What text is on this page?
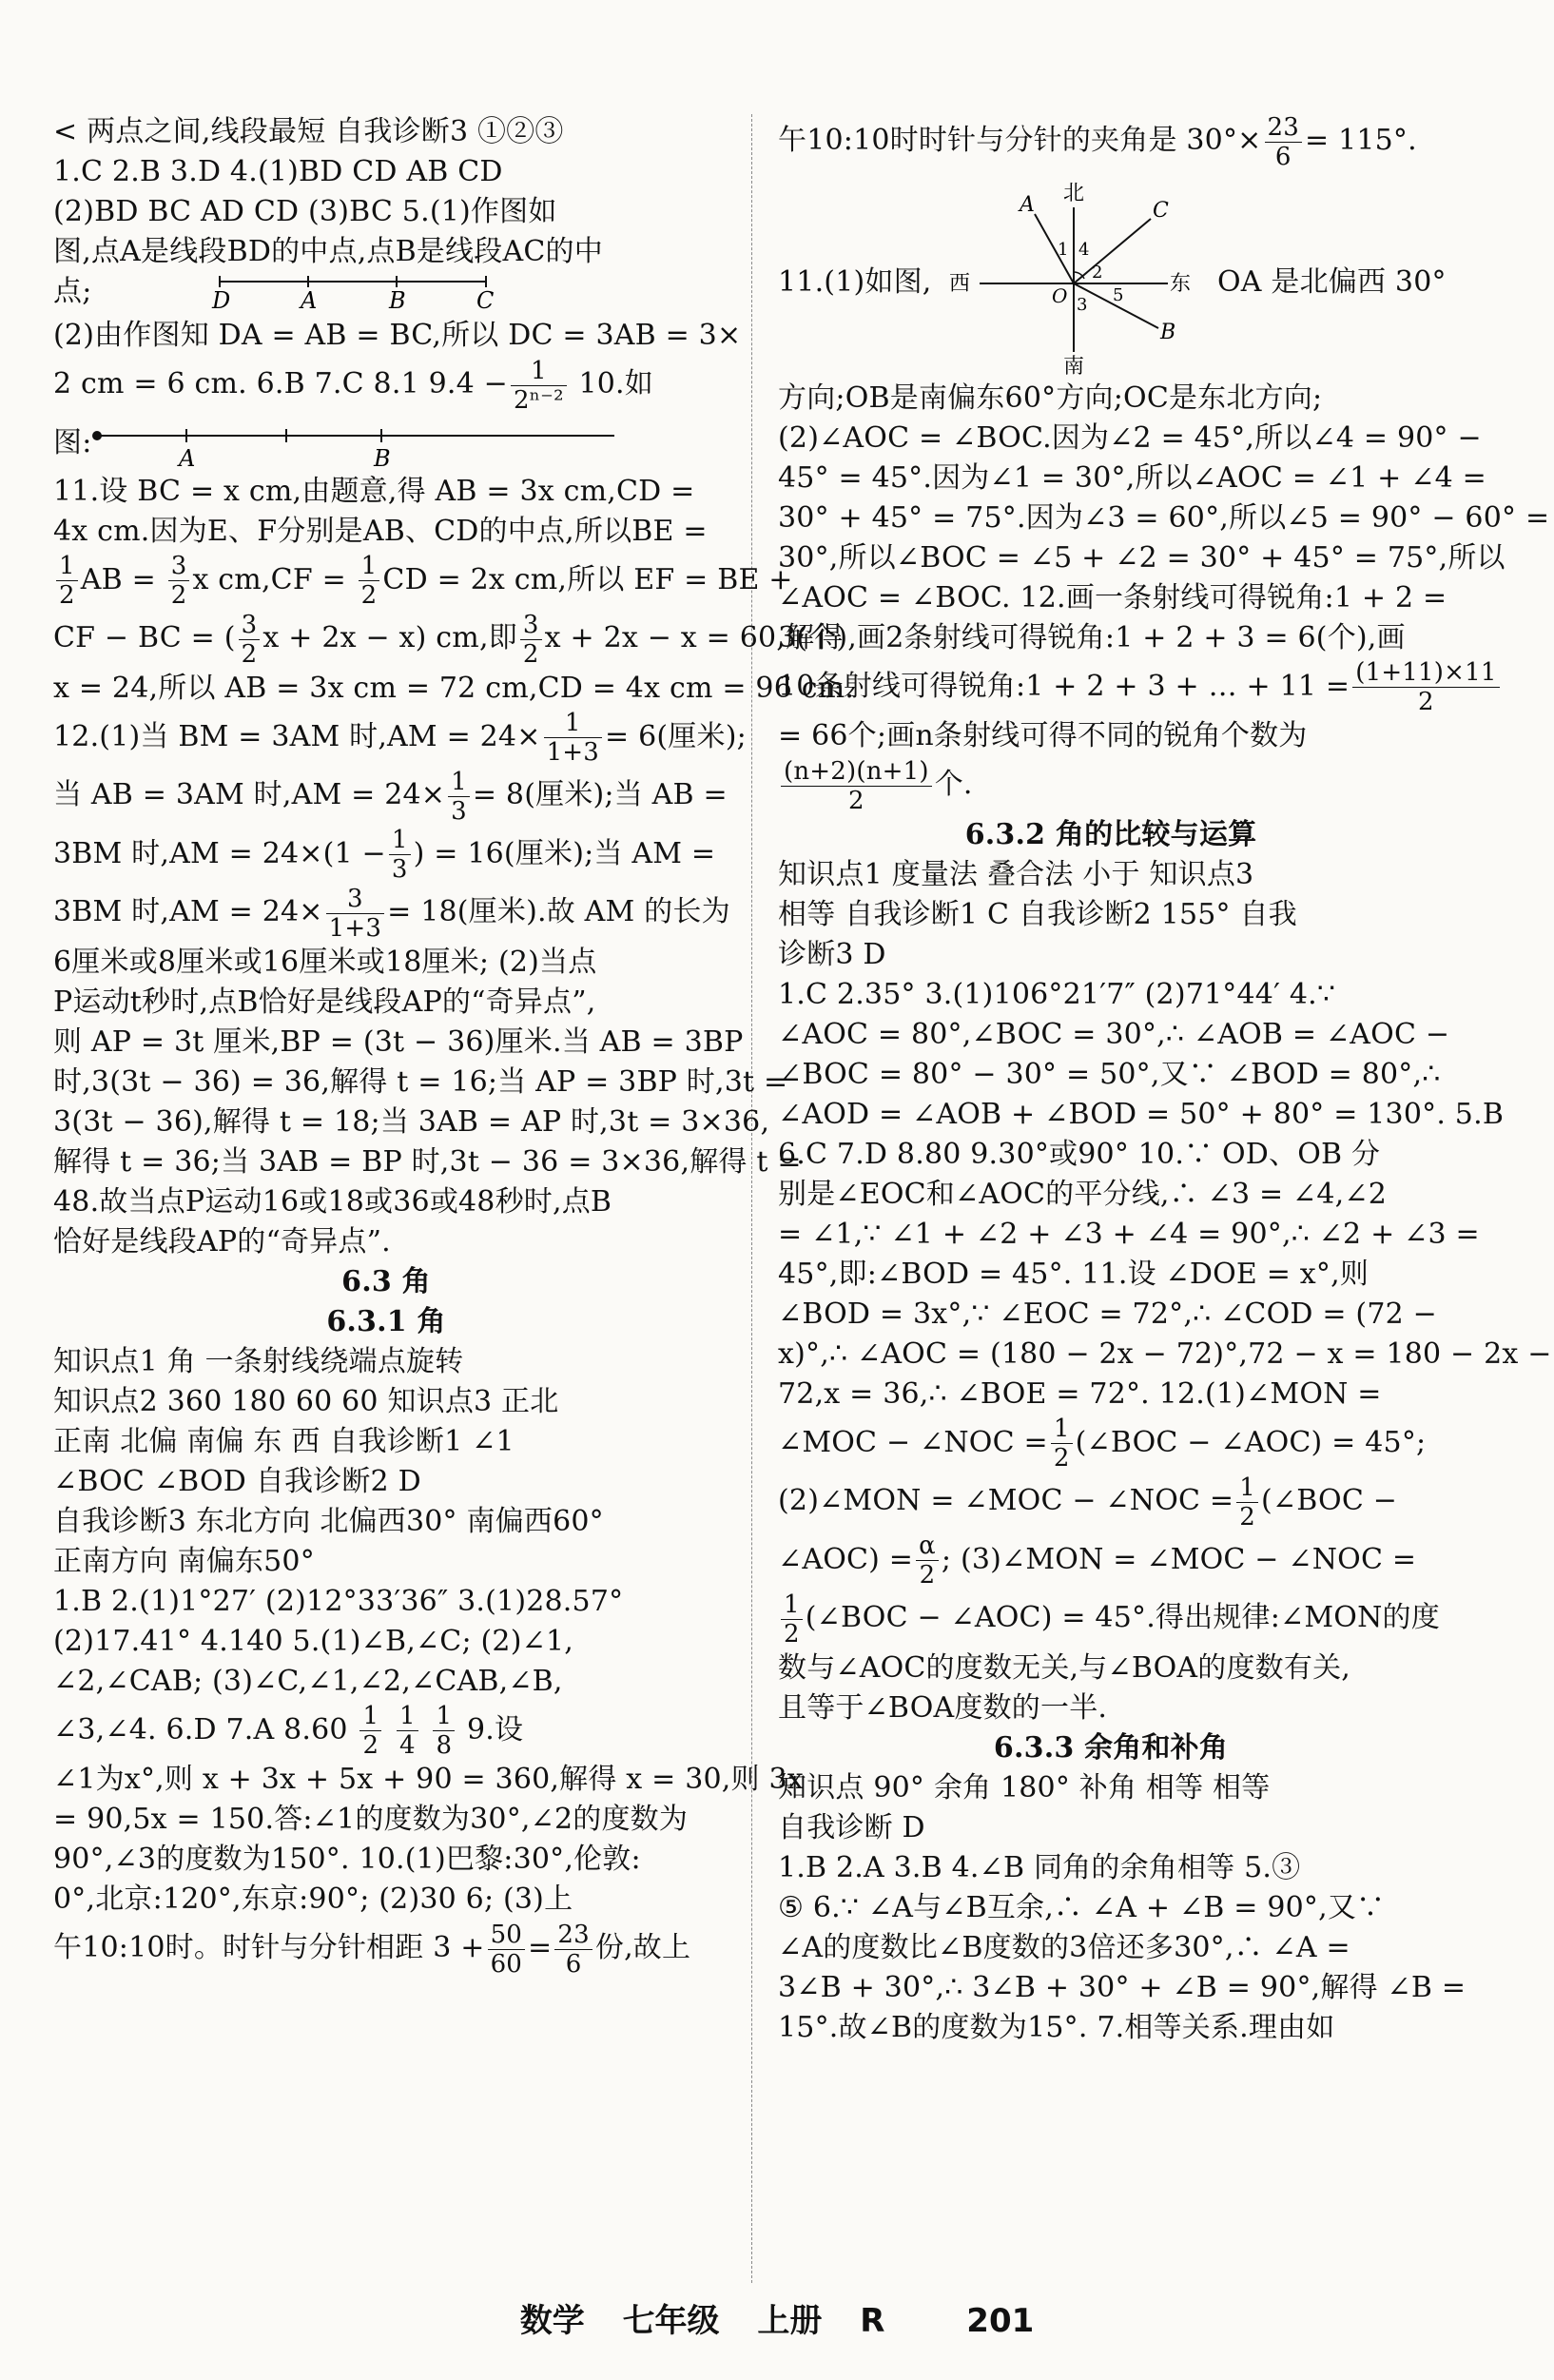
< 两点之间,线段最短 自我诊断3 ①②③
1.C 2.B 3.D 4.(1)BD CD AB CD
(2)BD BC AD CD (3)BC 5.(1)作图如
图,点A是线段BD的中点,点B是线段AC的中
点;	D	A	B	C
(2)由作图知 DA = AB = BC,所以 DC = 3AB = 3×
2 cm = 6 cm. 6.B 7.C 8.1 $9.4 - \frac{1}{\text{2ⁿ⁻²}} 10$.如
图:	A	B
11.设 BC = x cm,由题意,得 AB = 3x cm,CD =
4x cm.因为E、F分别是AB、CD的中点,所以BE =
$\frac{1}{2}$ AB = $\frac{3}{2}$ x $cm,CF = \frac{1}{2}$ CD = 2x cm,所以 EF = BE +
CF − BC = ( $\frac{3}{2}$ x + 2x − x) cm,即 $\frac{3}{2}$ x + 2x − x = 60,解得
x = 24,所以 AB = 3x cm = 72 cm,CD = 4x cm = 96 cm.
12.(1)当 BM = 3AM 时$,AM = 24\times \frac{1}{1+3} = 6$(厘米);
当 AB = 3AM 时$,AM = 24\times \frac{1}{3} = 8$(厘米);当 AB =
3BM 时$,AM = 24\times(1 - \frac{1}{3}$ ) = 16(厘米);当 AM =
3BM 时$,AM = 24\times \frac{3}{1+3} = 18$(厘米).故 AM 的长为
6厘米或8厘米或16厘米或18厘米; (2)当点
P运动t秒时,点B恰好是线段AP的“奇异点”,
则 AP = 3t 厘米,BP = (3t − 36)厘米.当 AB = 3BP
时,3(3t − 36) = 36,解得 t = 16;当 AP = 3BP 时,3t =
3(3t − 36),解得 t = 18;当 3AB = AP 时,3t = 3×36,
解得 t = 36;当 3AB = BP 时,3t − 36 = 3×36,解得 t =
48.故当点P运动16或18或36或48秒时,点B
恰好是线段AP的“奇异点”.
6.3 角
6.3.1 角
知识点1 角 一条射线绕端点旋转
知识点2 360 180 60 60 知识点3 正北
正南 北偏 南偏 东 西 自我诊断1 ∠1
∠BOC ∠BOD 自我诊断2 D
自我诊断3 东北方向 北偏西30° 南偏西60°
正南方向 南偏东50°
1.B 2.(1)1°27′ (2)12°33′36″ 3.(1)28.57°
(2)17.41° 4.140 5.(1)∠B,∠C; (2)∠1,
∠2,∠CAB; (3)∠C,∠1,∠2,∠CAB,∠B,
∠3,∠4. 6.D 7.A $8.60 \frac{1}{2}$
$\frac{1}{4}$
$\frac{1}{8} 9$.设
∠1为x°,则 x + 3x + 5x + 90 = 360,解得 x = 30,则 3x
= 90,5x = 150.答:∠1的度数为30°,∠2的度数为
90°,∠3的度数为150°. 10.(1)巴黎:30°,伦敦:
0°,北京:120°,东京:90°; (2)30 6; (3)上
午10:10时。时针与分针相距 $3 + \frac{50}{60} = \frac{23}{6}$ 份,故上
午10:10时时针与分针的夹角是 $30^\circ\times \frac{23}{6} = 115^\circ$.
北
南
西	东
A	C
O
B
1
2
3
4
5
11.(1)如图,	OA 是北偏西 30°
方向;OB是南偏东60°方向;OC是东北方向;
(2)∠AOC = ∠BOC.因为∠2 = 45°,所以∠4 = 90° −
45° = 45°.因为∠1 = 30°,所以∠AOC = ∠1 + ∠4 =
30° + 45° = 75°.因为∠3 = 60°,所以∠5 = 90° − 60° =
30°,所以∠BOC = ∠5 + ∠2 = 30° + 45° = 75°,所以
∠AOC = ∠BOC. 12.画一条射线可得锐角:1 + 2 =
3(个),画2条射线可得锐角:1 + 2 + 3 = 6(个),画
10条射线可得锐角:1 + 2 + 3 + … + $11 = \frac{(1+11)\times 11}{2}$
= 66个;画n条射线可得不同的锐角个数为
$\frac{(n+2)(n+1)}{2}$ 个.
6.3.2 角的比较与运算
知识点1 度量法 叠合法 小于 知识点3
相等 自我诊断1 C 自我诊断2 155° 自我
诊断3 D
1.C 2.35° 3.(1)106°21′7″ (2)71°44′ 4.∵
∠AOC = 80°,∠BOC = 30°,∴ ∠AOB = ∠AOC −
∠BOC = 80° − 30° = 50°,又∵ ∠BOD = 80°,∴
∠AOD = ∠AOB + ∠BOD = 50° + 80° = 130°. 5.B
6.C 7.D 8.80 9.30°或90° 10.∵ OD、OB 分
别是∠EOC和∠AOC的平分线,∴ ∠3 = ∠4,∠2
= ∠1,∵ ∠1 + ∠2 + ∠3 + ∠4 = 90°,∴ ∠2 + ∠3 =
45°,即:∠BOD = 45°. 11.设 ∠DOE = x°,则
∠BOD = 3x°,∵ ∠EOC = 72°,∴ ∠COD = (72 −
x)°,∴ ∠AOC = (180 − 2x − 72)°,72 − x = 180 − 2x −
72,x = 36,∴ ∠BOE = 72°. 12.(1)∠MON =
∠MOC − ∠NOC = $\frac{1}{2}$ (∠BOC − ∠AOC) = 45°;
(2)∠MON = ∠MOC − ∠NOC = $\frac{1}{2}$ (∠BOC −
∠AOC) = $\frac{\alpha}{2}$ ; (3)∠MON = ∠MOC − ∠NOC =
$\frac{1}{2}$ (∠BOC − ∠AOC) = 45°.得出规律:∠MON的度
数与∠AOC的度数无关,与∠BOA的度数有关,
且等于∠BOA度数的一半.
6.3.3 余角和补角
知识点 90° 余角 180° 补角 相等 相等
自我诊断 D
1.B 2.A 3.B 4.∠B 同角的余角相等 5.③
⑤ 6.∵ ∠A与∠B互余,∴ ∠A + ∠B = 90°,又∵
∠A的度数比∠B度数的3倍还多30°,∴ ∠A =
3∠B + 30°,∴ 3∠B + 30° + ∠B = 90°,解得 ∠B =
15°.故∠B的度数为15°. 7.相等关系.理由如
数学 七年级 上册 R	201
